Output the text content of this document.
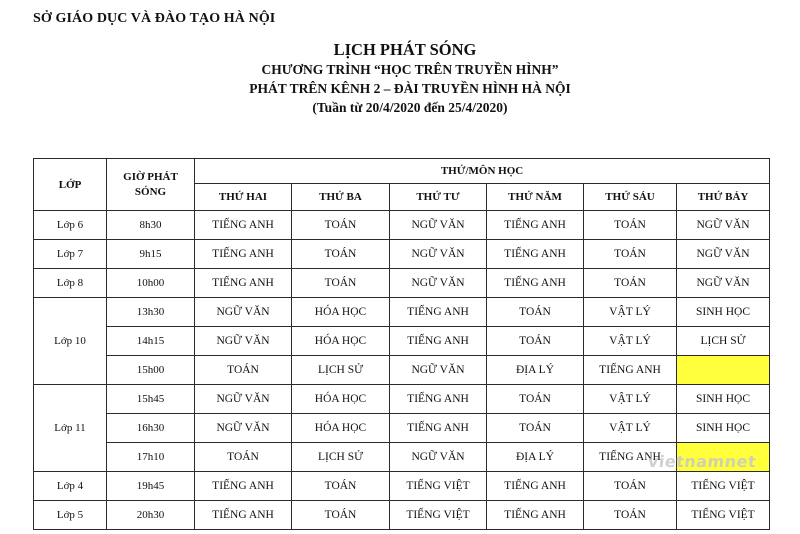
SỞ GIÁO DỤC VÀ ĐÀO TẠO HÀ NỘI
LỊCH PHÁT SÓNG
CHƯƠNG TRÌNH “HỌC TRÊN TRUYỀN HÌNH”
PHÁT TRÊN KÊNH 2 – ĐÀI TRUYỀN HÌNH HÀ NỘI
(Tuần từ 20/4/2020 đến 25/4/2020)
LỚP	GIỜ PHÁT SÓNG	THỨ/MÔN HỌC					
		THỨ HAI	THỨ BA	THỨ TƯ	THỨ NĂM	THỨ SÁU	THỨ BẢY
Lớp 6	8h30	TIẾNG ANH	TOÁN	NGỮ VĂN	TIẾNG ANH	TOÁN	NGỮ VĂN
Lớp 7	9h15	TIẾNG ANH	TOÁN	NGỮ VĂN	TIẾNG ANH	TOÁN	NGỮ VĂN
Lớp 8	10h00	TIẾNG ANH	TOÁN	NGỮ VĂN	TIẾNG ANH	TOÁN	NGỮ VĂN
Lớp 10	13h30	NGỮ VĂN	HÓA HỌC	TIẾNG ANH	TOÁN	VẬT LÝ	SINH HỌC
	14h15	NGỮ VĂN	HÓA HỌC	TIẾNG ANH	TOÁN	VẬT LÝ	LỊCH SỬ
	15h00	TOÁN	LỊCH SỬ	NGỮ VĂN	ĐỊA LÝ	TIẾNG ANH	
Lớp 11	15h45	NGỮ VĂN	HÓA HỌC	TIẾNG ANH	TOÁN	VẬT LÝ	SINH HỌC
	16h30	NGỮ VĂN	HÓA HỌC	TIẾNG ANH	TOÁN	VẬT LÝ	SINH HỌC
	17h10	TOÁN	LỊCH SỬ	NGỮ VĂN	ĐỊA LÝ	TIẾNG ANH	
Lớp 4	19h45	TIẾNG ANH	TOÁN	TIẾNG VIỆT	TIẾNG ANH	TOÁN	TIẾNG VIỆT
Lớp 5	20h30	TIẾNG ANH	TOÁN	TIẾNG VIỆT	TIẾNG ANH	TOÁN	TIẾNG VIỆT
vietnamnet
